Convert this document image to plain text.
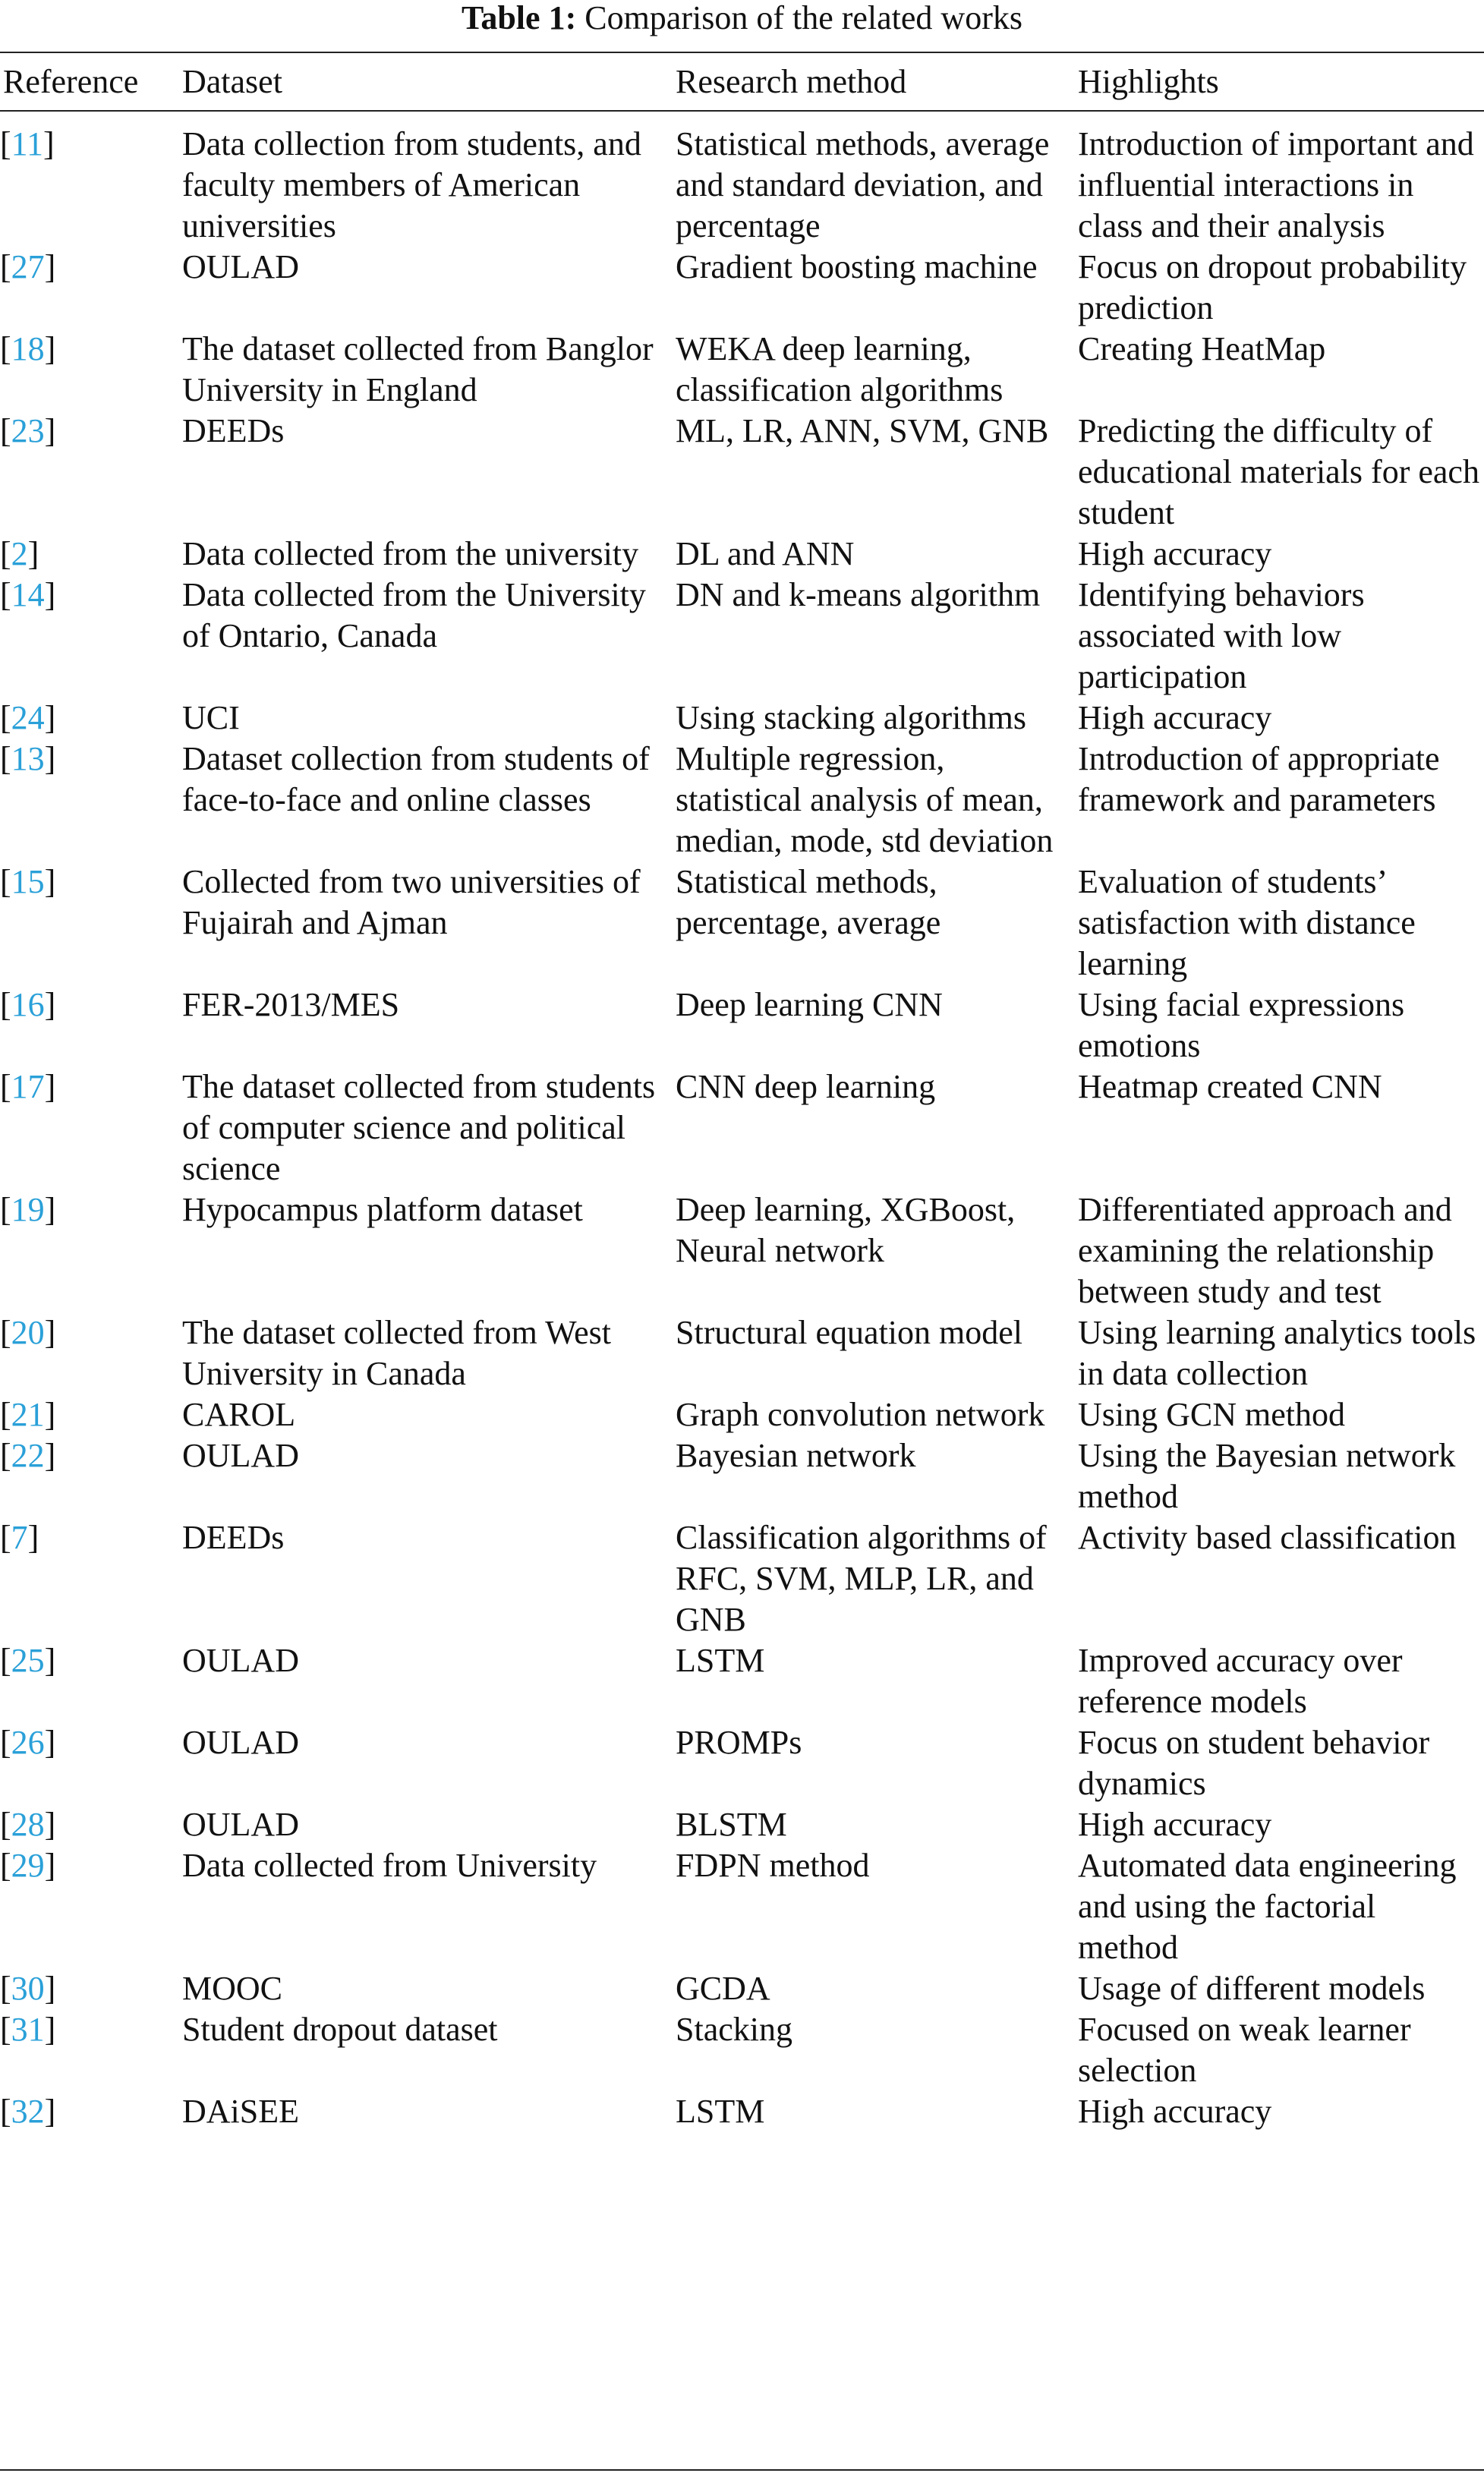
Table 1: Comparison of the related works
Reference	Dataset	Research method	Highlights
[11]	Data collection from students, and faculty members of American universities	Statistical methods, average and standard deviation, and percentage	Introduction of important and influential interactions in class and their analysis
[27]	OULAD	Gradient boosting machine	Focus on dropout probability prediction
[18]	The dataset collected from Banglor University in England	WEKA deep learning, classification algorithms	Creating HeatMap
[23]	DEEDs	ML, LR, ANN, SVM, GNB	Predicting the difficulty of educational materials for each student
[2]	Data collected from the university	DL and ANN	High accuracy
[14]	Data collected from the University of Ontario, Canada	DN and k-means algorithm	Identifying behaviors associated with low participation
[24]	UCI	Using stacking algorithms	High accuracy
[13]	Dataset collection from students of face-to-face and online classes	Multiple regression, statistical analysis of mean, median, mode, std deviation	Introduction of appropriate framework and parameters
[15]	Collected from two universities of Fujairah and Ajman	Statistical methods, percentage, average	Evaluation of students’ satisfaction with distance learning
[16]	FER-2013/MES	Deep learning CNN	Using facial expressions emotions
[17]	The dataset collected from students of computer science and political science	CNN deep learning	Heatmap created CNN
[19]	Hypocampus platform dataset	Deep learning, XGBoost, Neural network	Differentiated approach and examining the relationship between study and test
[20]	The dataset collected from West University in Canada	Structural equation model	Using learning analytics tools in data collection
[21]	CAROL	Graph convolution network	Using GCN method
[22]	OULAD	Bayesian network	Using the Bayesian network method
[7]	DEEDs	Classification algorithms of RFC, SVM, MLP, LR, and GNB	Activity based classification
[25]	OULAD	LSTM	Improved accuracy over reference models
[26]	OULAD	PROMPs	Focus on student behavior dynamics
[28]	OULAD	BLSTM	High accuracy
[29]	Data collected from University	FDPN method	Automated data engineering and using the factorial method
[30]	MOOC	GCDA	Usage of different models
[31]	Student dropout dataset	Stacking	Focused on weak learner selection
[32]	DAiSEE	LSTM	High accuracy
